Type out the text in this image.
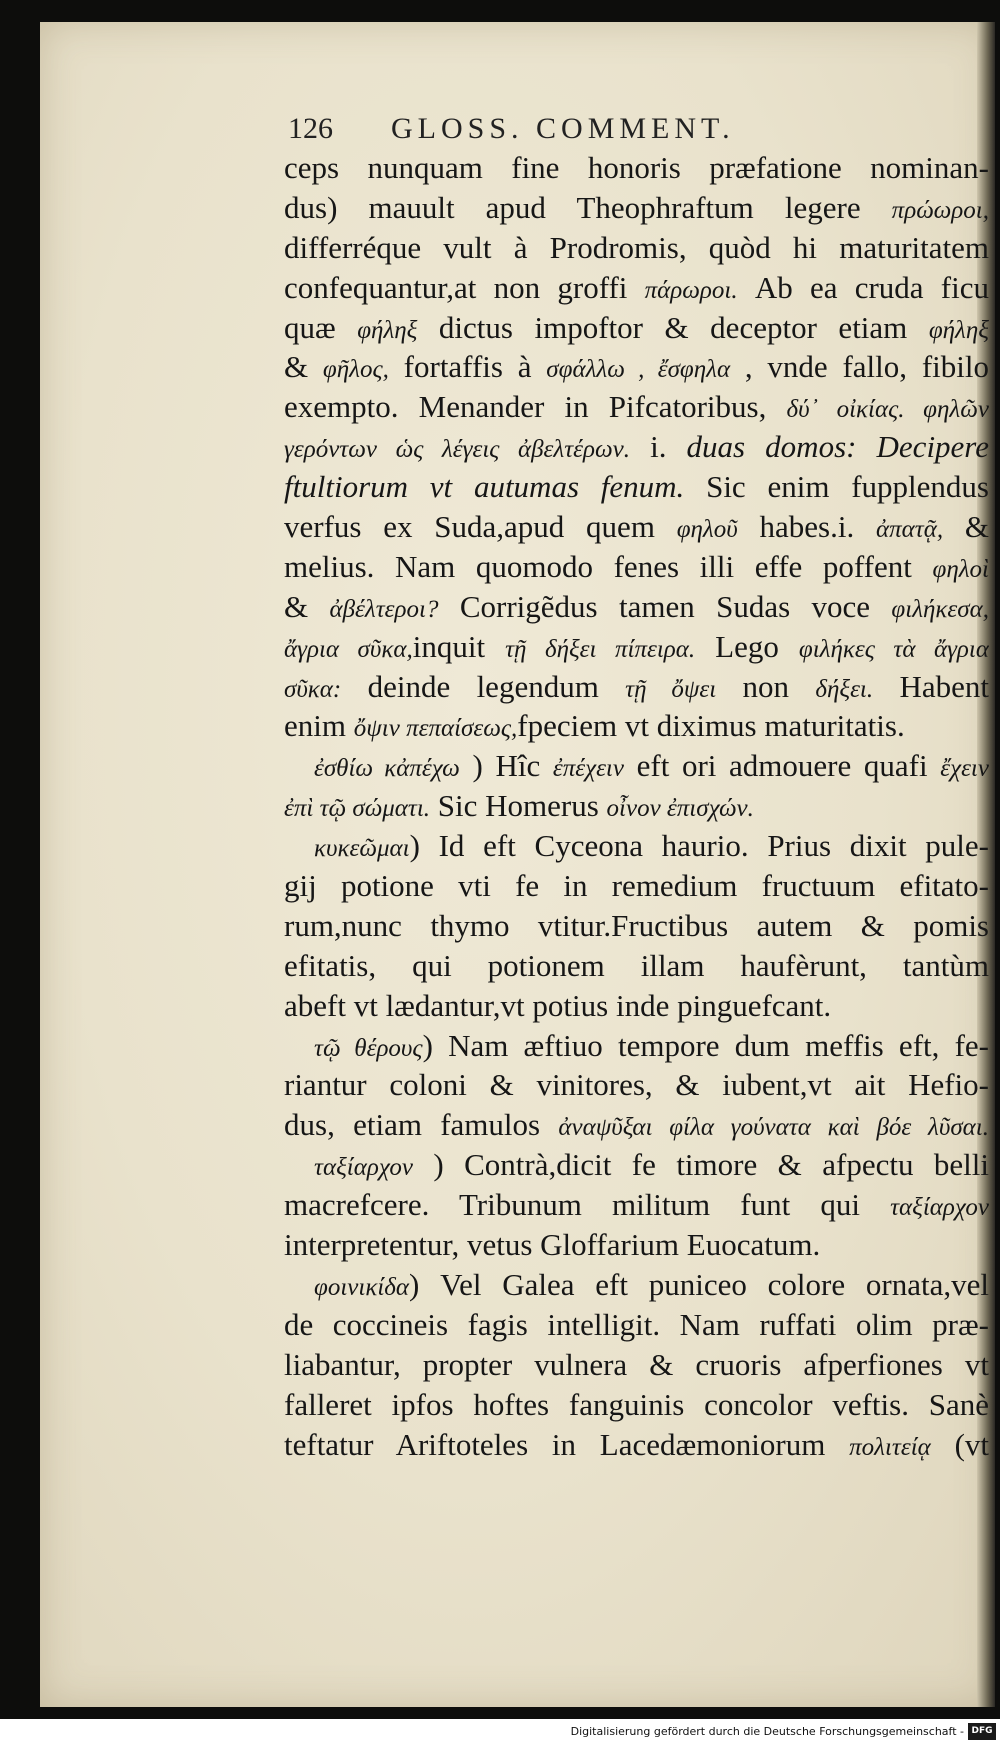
126 GLOSS. COMMENT.
ceps nunquam fine honoris præfatione nominan-
dus) mauult apud Theophraftum legere πρώωροι,
differréque vult à Prodromis, quòd hi maturitatem
confequantur,at non groffi πάρωροι. Ab ea cruda ficu
quæ φήληξ dictus impoftor & deceptor etiam φήληξ
& φῆλος, fortaffis à σφάλλω , ἔσφηλα , vnde fallo, fibilo
exempto. Menander in Pifcatoribus, δύ᾽ οἰκίας. φηλῶν
γερόντων ὡς λέγεις ἀβελτέρων. i. duas domos: Decipere
ftultiorum vt autumas fenum. Sic enim fupplendus
verfus ex Suda,apud quem φηλοῦ habes.i. ἀπατᾷ, &
melius. Nam quomodo fenes illi effe poffent φηλοὶ
& ἀβέλτεροι? Corrigẽdus tamen Sudas voce φιλήκεσα,
ἄγρια σῦκα,inquit τῇ δήξει πίπειρα. Lego φιλήκες τὰ ἄγρια
σῦκα: deinde legendum τῇ ὄψει non δήξει. Habent
enim ὄψιν πεπαίσεως,fpeciem vt diximus maturitatis.
ἐσθίω κἀπέχω ) Hîc ἐπέχειν eft ori admouere quafi ἔχειν
ἐπὶ τῷ σώματι. Sic Homerus οἶνον ἐπισχών.
κυκεῶμαι) Id eft Cyceona haurio. Prius dixit pule-
gij potione vti fe in remedium fructuum efitato-
rum,nunc thymo vtitur.Fructibus autem & pomis
efitatis, qui potionem illam haufèrunt, tantùm
abeft vt lædantur,vt potius inde pinguefcant.
τῷ θέρους) Nam æftiuo tempore dum meffis eft, fe-
riantur coloni & vinitores, & iubent,vt ait Hefio-
dus, etiam famulos ἀναψῦξαι φίλα γούνατα καὶ βόε λῦσαι.
ταξίαρχον ) Contrà,dicit fe timore & afpectu belli
macrefcere. Tribunum militum funt qui ταξίαρχον
interpretentur, vetus Gloffarium Euocatum.
φοινικίδα) Vel Galea eft puniceo colore ornata,vel
de coccineis fagis intelligit. Nam ruffati olim præ-
liabantur, propter vulnera & cruoris afperfiones vt
falleret ipfos hoftes fanguinis concolor veftis. Sanè
teftatur Ariftoteles in Lacedæmoniorum πολιτείᾳ (vt
Digitalisierung gefördert durch die Deutsche Forschungsgemeinschaft - DFG
